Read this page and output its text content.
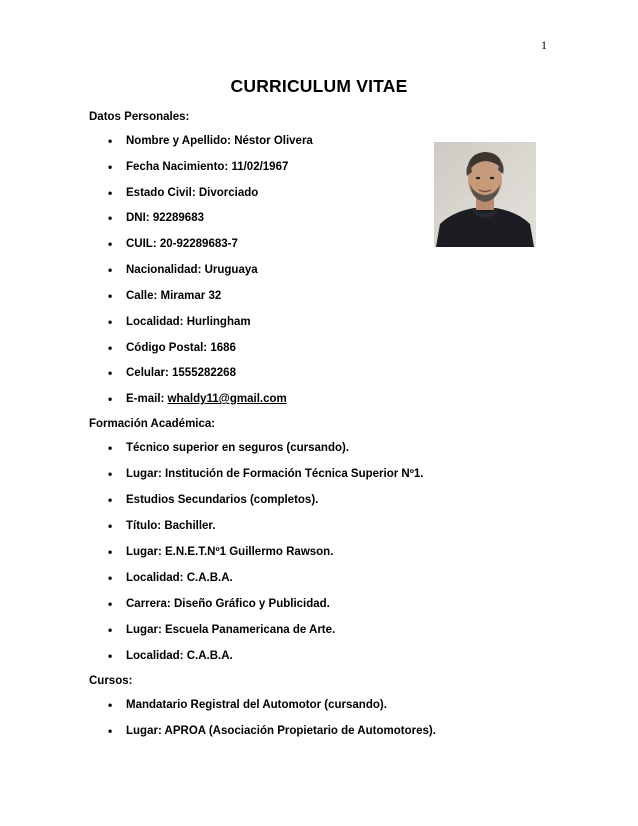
1
CURRICULUM VITAE
Datos Personales:
•	Nombre y Apellido: Néstor Olivera
•	Fecha Nacimiento: 11/02/1967
•	Estado Civil: Divorciado
•	DNI: 92289683
•	CUIL: 20-92289683-7
•	Nacionalidad: Uruguaya
•	Calle: Miramar 32
•	Localidad: Hurlingham
•	Código Postal: 1686
•	Celular: 1555282268
•	E-mail: whaldy11@gmail.com
Formación Académica:
•	Técnico superior en seguros (cursando).
•	Lugar: Institución de Formación Técnica Superior Nº1.
•	Estudios Secundarios (completos).
•	Título: Bachiller.
•	Lugar: E.N.E.T.Nº1 Guillermo Rawson.
•	Localidad: C.A.B.A.
•	Carrera: Diseño Gráfico y Publicidad.
•	Lugar: Escuela Panamericana de Arte.
•	Localidad: C.A.B.A.
Cursos:
•	Mandatario Registral del Automotor (cursando).
•	Lugar: APROA (Asociación Propietario de Automotores).
